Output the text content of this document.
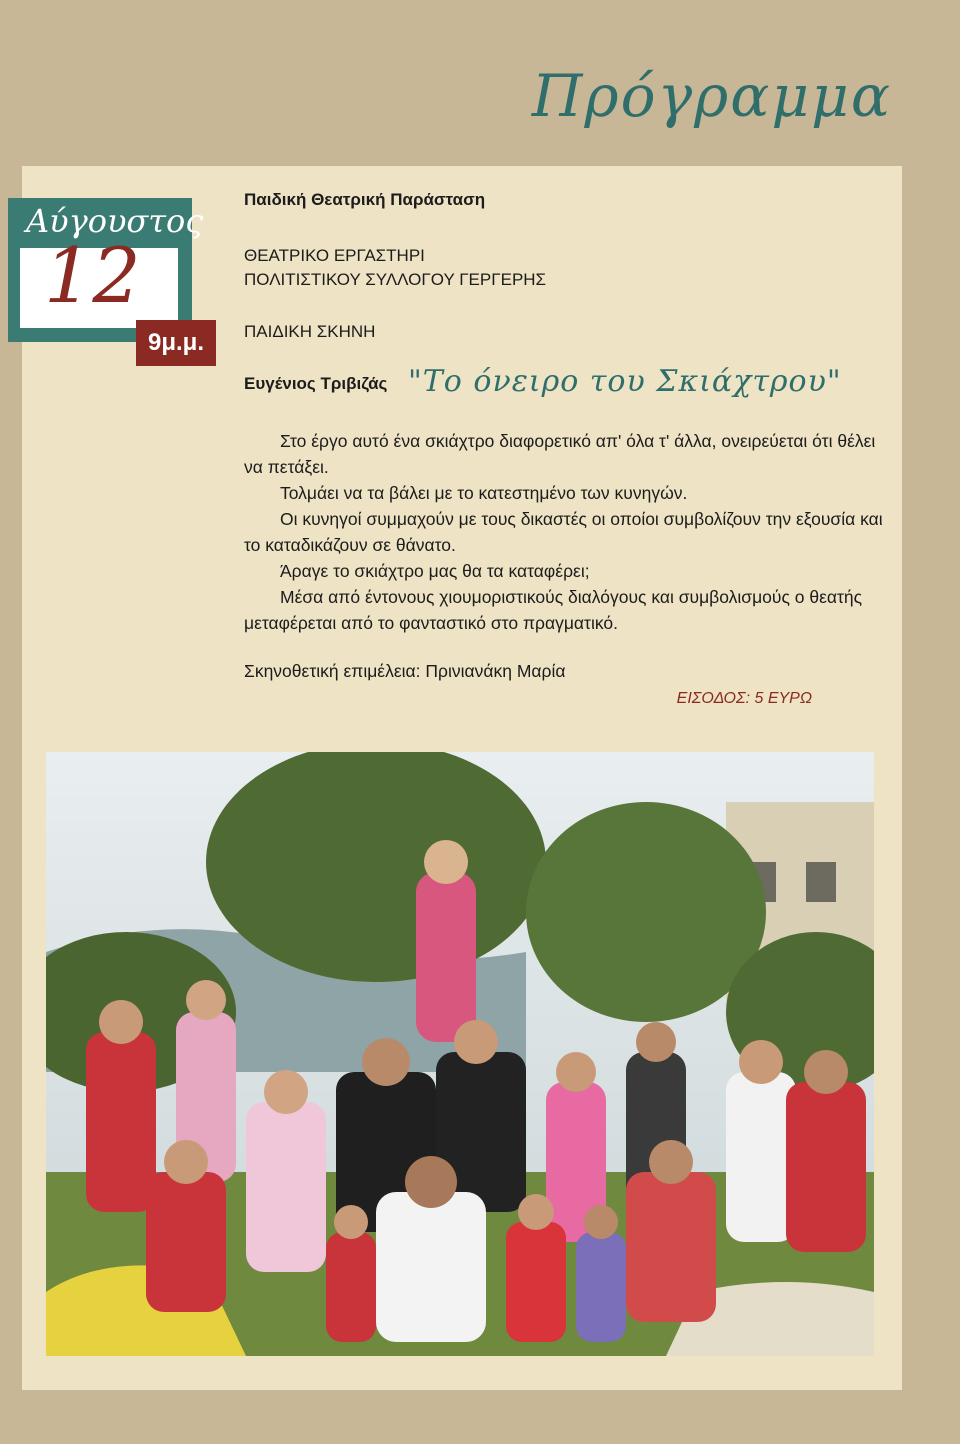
Πρόγραμμα
Αύγουστος
12
9μ.μ.
Παιδική Θεατρική Παράσταση
ΘΕΑΤΡΙΚΟ ΕΡΓΑΣΤΗΡΙ
ΠΟΛΙΤΙΣΤΙΚΟΥ ΣΥΛΛΟΓΟΥ ΓΕΡΓΕΡΗΣ
ΠΑΙΔΙΚΗ ΣΚΗΝΗ
Ευγένιος Τριβιζάς "Το όνειρο του Σκιάχτρου"

Στο έργο αυτό ένα σκιάχτρο διαφορετικό απ' όλα τ' άλλα, ονειρεύεται ότι θέλει να πετάξει.

Τολμάει να τα βάλει με το κατεστημένο των κυνηγών.

Οι κυνηγοί συμμαχούν με τους δικαστές οι οποίοι συμβολίζουν την εξουσία και το καταδικάζουν σε θάνατο.

Άραγε το σκιάχτρο μας θα τα καταφέρει;

Μέσα από έντονους χιουμοριστικούς διαλόγους και συμβολισμούς ο θεατής μεταφέρεται από το φανταστικό στο πραγματικό.

Σκηνοθετική επιμέλεια: Πρινιανάκη Μαρία

ΕΙΣΟΔΟΣ: 5 ΕΥΡΩ
